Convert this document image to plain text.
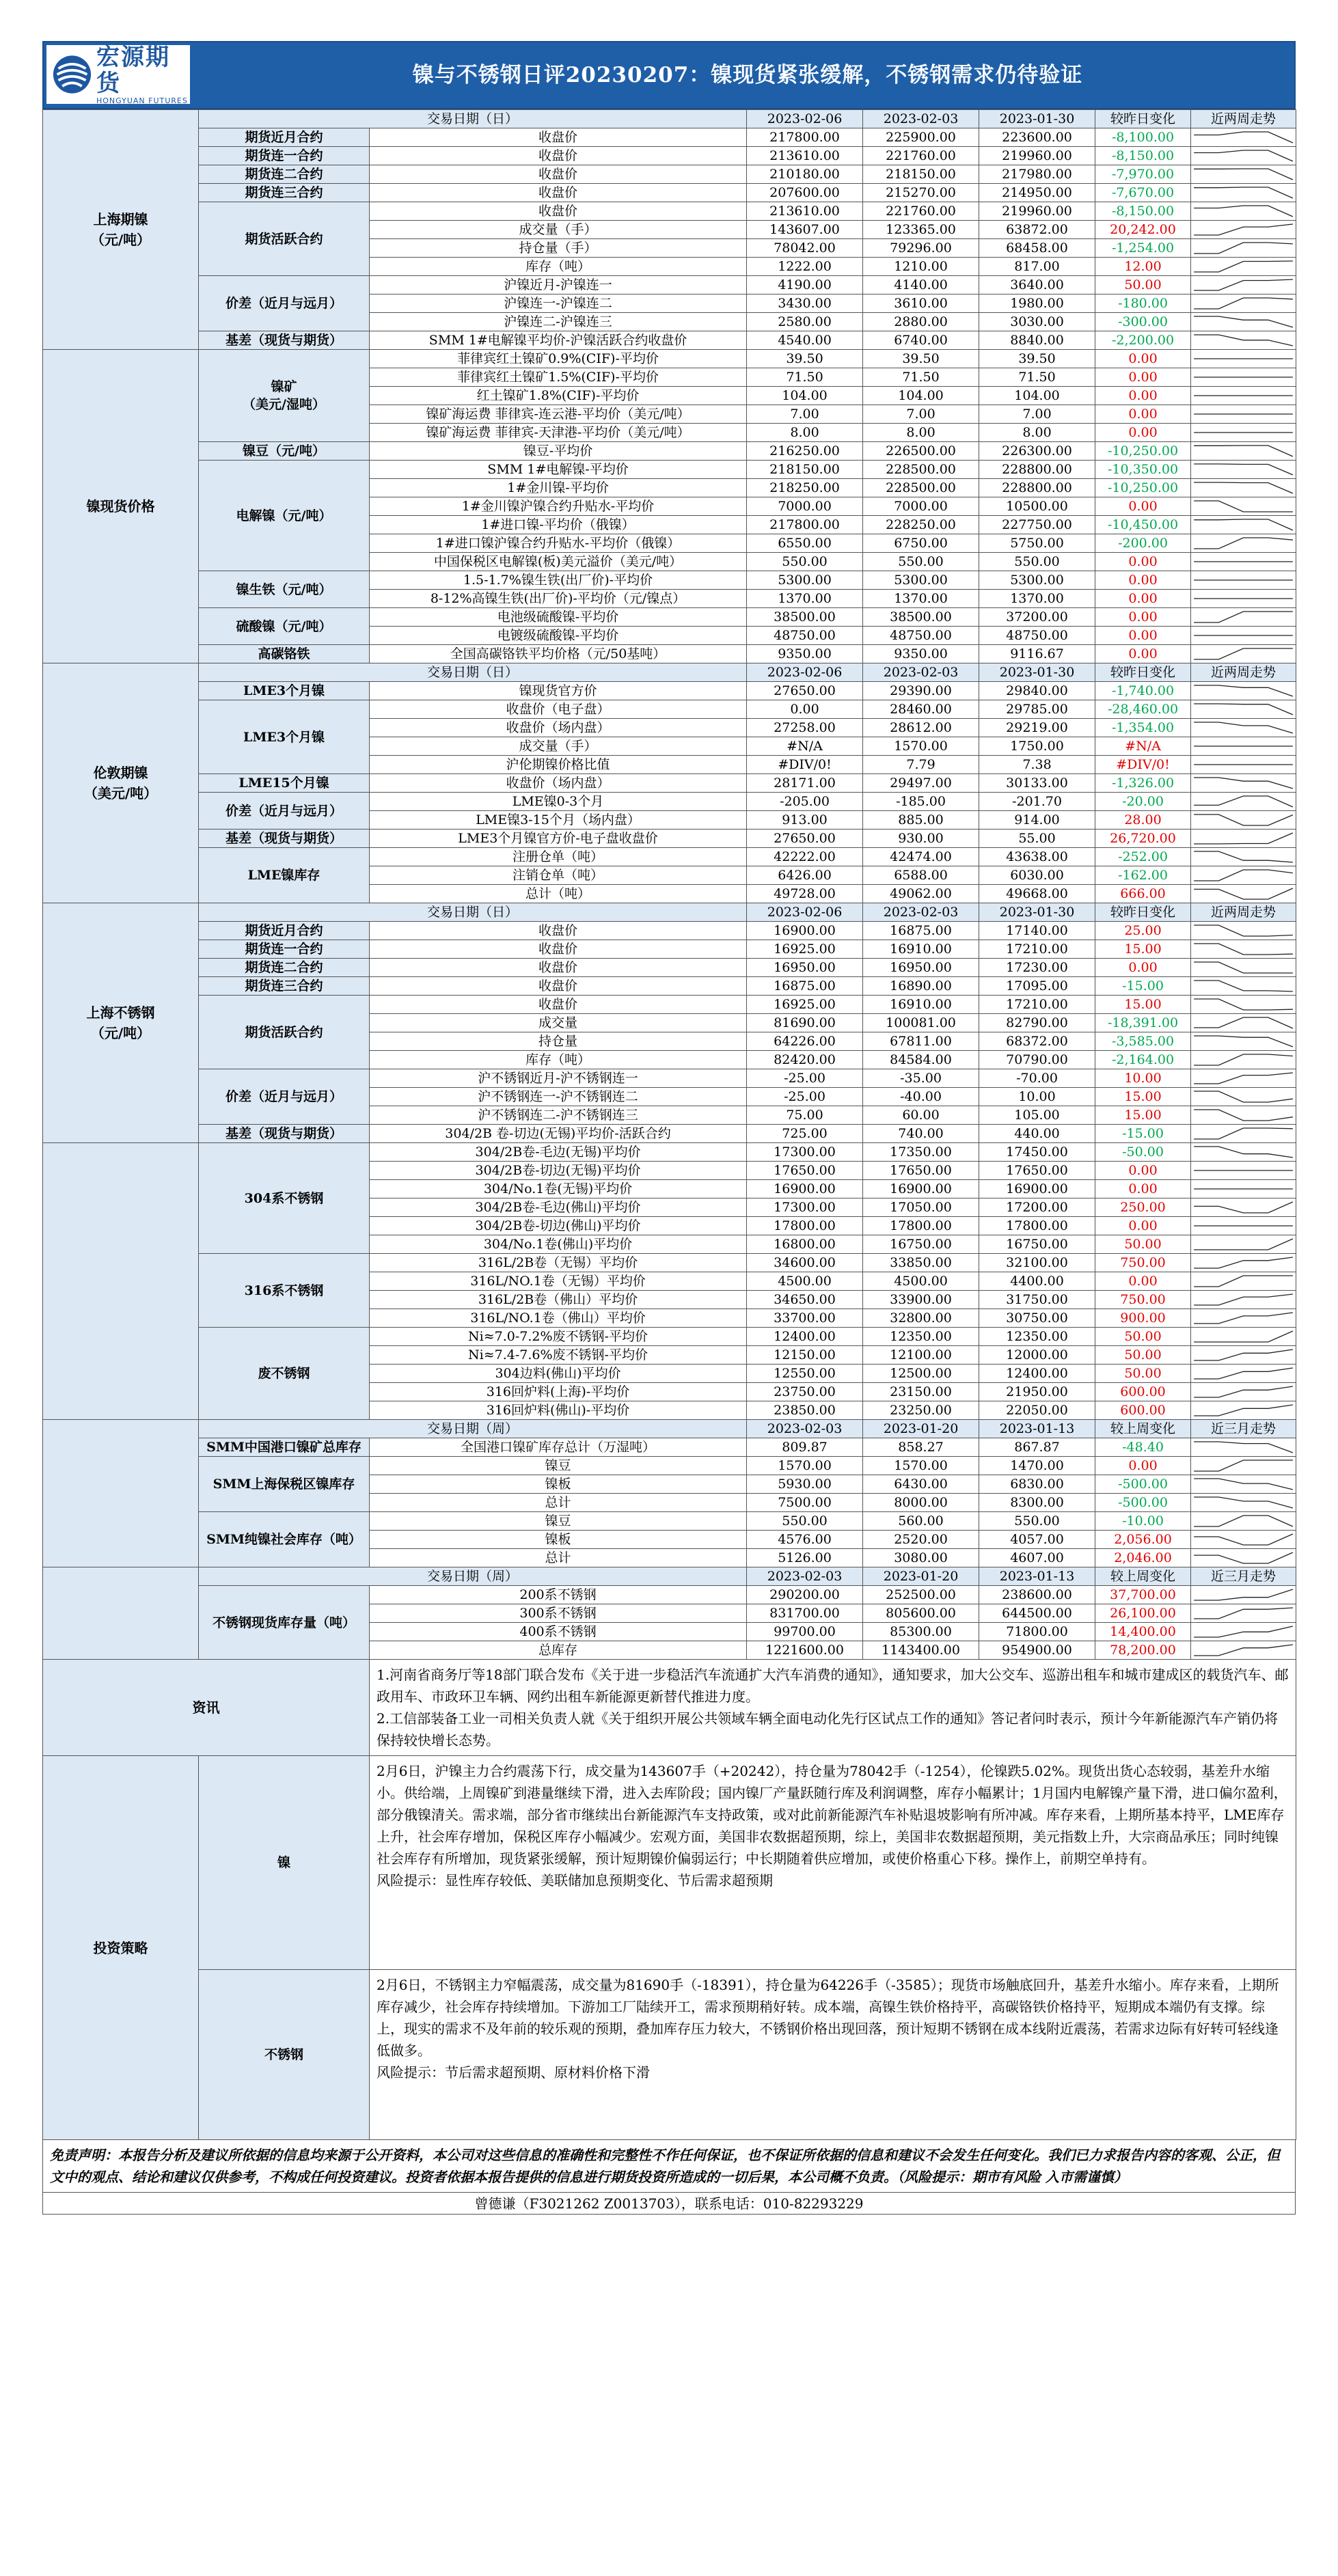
宏源期货
HONGYUAN FUTURES
镍与不锈钢日评20230207：镍现货紧张缓解，不锈钢需求仍待验证
上海期镍
（元/吨）	交易日期（日）		2023-02-06	2023-02-03	2023-01-30	较昨日变化	近两周走势
	期货近月合约	收盘价	217800.00	225900.00	223600.00	-8,100.00	

	期货连一合约	收盘价	213610.00	221760.00	219960.00	-8,150.00	

	期货连二合约	收盘价	210180.00	218150.00	217980.00	-7,970.00	

	期货连三合约	收盘价	207600.00	215270.00	214950.00	-7,670.00	

	期货活跃合约	收盘价	213610.00	221760.00	219960.00	-8,150.00	

		成交量（手）	143607.00	123365.00	63872.00	20,242.00	

		持仓量（手）	78042.00	79296.00	68458.00	-1,254.00	

		库存（吨）	1222.00	1210.00	817.00	12.00	

	价差（近月与远月）	沪镍近月-沪镍连一	4190.00	4140.00	3640.00	50.00	

		沪镍连一-沪镍连二	3430.00	3610.00	1980.00	-180.00	

		沪镍连二-沪镍连三	2580.00	2880.00	3030.00	-300.00	

	基差（现货与期货）	SMM 1#电解镍平均价-沪镍活跃合约收盘价	4540.00	6740.00	8840.00	-2,200.00	

镍现货价格	镍矿
（美元/湿吨）	菲律宾红土镍矿0.9%(CIF)-平均价	39.50	39.50	39.50	0.00	

		菲律宾红土镍矿1.5%(CIF)-平均价	71.50	71.50	71.50	0.00	

		红土镍矿1.8%(CIF)-平均价	104.00	104.00	104.00	0.00	

		镍矿海运费 菲律宾-连云港-平均价（美元/吨）	7.00	7.00	7.00	0.00	

		镍矿海运费 菲律宾-天津港-平均价（美元/吨）	8.00	8.00	8.00	0.00	

	镍豆（元/吨）	镍豆-平均价	216250.00	226500.00	226300.00	-10,250.00	

	电解镍（元/吨）	SMM 1#电解镍-平均价	218150.00	228500.00	228800.00	-10,350.00	

		1#金川镍-平均价	218250.00	228500.00	228800.00	-10,250.00	

		1#金川镍沪镍合约升贴水-平均价	7000.00	7000.00	10500.00	0.00	

		1#进口镍-平均价（俄镍）	217800.00	228250.00	227750.00	-10,450.00	

		1#进口镍沪镍合约升贴水-平均价（俄镍）	6550.00	6750.00	5750.00	-200.00	

		中国保税区电解镍(板)美元溢价（美元/吨）	550.00	550.00	550.00	0.00	

	镍生铁（元/吨）	1.5-1.7%镍生铁(出厂价)-平均价	5300.00	5300.00	5300.00	0.00	

		8-12%高镍生铁(出厂价)-平均价（元/镍点）	1370.00	1370.00	1370.00	0.00	

	硫酸镍（元/吨）	电池级硫酸镍-平均价	38500.00	38500.00	37200.00	0.00	

		电镀级硫酸镍-平均价	48750.00	48750.00	48750.00	0.00	

	高碳铬铁	全国高碳铬铁平均价格（元/50基吨）	9350.00	9350.00	9116.67	0.00	

伦敦期镍
（美元/吨）	交易日期（日）		2023-02-06	2023-02-03	2023-01-30	较昨日变化	近两周走势
	LME3个月镍	镍现货官方价	27650.00	29390.00	29840.00	-1,740.00	

	LME3个月镍	收盘价（电子盘）	0.00	28460.00	29785.00	-28,460.00	

		收盘价（场内盘）	27258.00	28612.00	29219.00	-1,354.00	

		成交量（手）	#N/A	1570.00	1750.00	#N/A	

		沪伦期镍价格比值	#DIV/0!	7.79	7.38	#DIV/0!	

	LME15个月镍	收盘价（场内盘）	28171.00	29497.00	30133.00	-1,326.00	

	价差（近月与远月）	LME镍0-3个月	-205.00	-185.00	-201.70	-20.00	

		LME镍3-15个月（场内盘）	913.00	885.00	914.00	28.00	

	基差（现货与期货）	LME3个月镍官方价-电子盘收盘价	27650.00	930.00	55.00	26,720.00	

	LME镍库存	注册仓单（吨）	42222.00	42474.00	43638.00	-252.00	

		注销仓单（吨）	6426.00	6588.00	6030.00	-162.00	

		总计（吨）	49728.00	49062.00	49668.00	666.00	

上海不锈钢
（元/吨）	交易日期（日）		2023-02-06	2023-02-03	2023-01-30	较昨日变化	近两周走势
	期货近月合约	收盘价	16900.00	16875.00	17140.00	25.00	

	期货连一合约	收盘价	16925.00	16910.00	17210.00	15.00	

	期货连二合约	收盘价	16950.00	16950.00	17230.00	0.00	

	期货连三合约	收盘价	16875.00	16890.00	17095.00	-15.00	

	期货活跃合约	收盘价	16925.00	16910.00	17210.00	15.00	

		成交量	81690.00	100081.00	82790.00	-18,391.00	

		持仓量	64226.00	67811.00	68372.00	-3,585.00	

		库存（吨）	82420.00	84584.00	70790.00	-2,164.00	

	价差（近月与远月）	沪不锈钢近月-沪不锈钢连一	-25.00	-35.00	-70.00	10.00	

		沪不锈钢连一-沪不锈钢连二	-25.00	-40.00	10.00	15.00	

		沪不锈钢连二-沪不锈钢连三	75.00	60.00	105.00	15.00	

	基差（现货与期货）	304/2B 卷-切边(无锡)平均价-活跃合约	725.00	740.00	440.00	-15.00	

	304系不锈钢	304/2B卷-毛边(无锡)平均价	17300.00	17350.00	17450.00	-50.00	

		304/2B卷-切边(无锡)平均价	17650.00	17650.00	17650.00	0.00	

		304/No.1卷(无锡)平均价	16900.00	16900.00	16900.00	0.00	

		304/2B卷-毛边(佛山)平均价	17300.00	17050.00	17200.00	250.00	

		304/2B卷-切边(佛山)平均价	17800.00	17800.00	17800.00	0.00	

		304/No.1卷(佛山)平均价	16800.00	16750.00	16750.00	50.00	

	316系不锈钢	316L/2B卷（无锡）平均价	34600.00	33850.00	32100.00	750.00	

		316L/NO.1卷（无锡）平均价	4500.00	4500.00	4400.00	0.00	

		316L/2B卷（佛山）平均价	34650.00	33900.00	31750.00	750.00	

		316L/NO.1卷（佛山）平均价	33700.00	32800.00	30750.00	900.00	

	废不锈钢	Ni≈7.0-7.2%废不锈钢-平均价	12400.00	12350.00	12350.00	50.00	

		Ni≈7.4-7.6%废不锈钢-平均价	12150.00	12100.00	12000.00	50.00	

		304边料(佛山)平均价	12550.00	12500.00	12400.00	50.00	

		316回炉料(上海)-平均价	23750.00	23150.00	21950.00	600.00	

		316回炉料(佛山)-平均价	23850.00	23250.00	22050.00	600.00	

	交易日期（周）		2023-02-03	2023-01-20	2023-01-13	较上周变化	近三月走势
	SMM中国港口镍矿总库存	全国港口镍矿库存总计（万湿吨）	809.87	858.27	867.87	-48.40	

	SMM上海保税区镍库存	镍豆	1570.00	1570.00	1470.00	0.00	

		镍板	5930.00	6430.00	6830.00	-500.00	

		总计	7500.00	8000.00	8300.00	-500.00	

	SMM纯镍社会库存（吨）	镍豆	550.00	560.00	550.00	-10.00	

		镍板	4576.00	2520.00	4057.00	2,056.00	

		总计	5126.00	3080.00	4607.00	2,046.00	

	交易日期（周）		2023-02-03	2023-01-20	2023-01-13	较上周变化	近三月走势
	不锈钢现货库存量（吨）	200系不锈钢	290200.00	252500.00	238600.00	37,700.00	

		300系不锈钢	831700.00	805600.00	644500.00	26,100.00	

		400系不锈钢	99700.00	85300.00	71800.00	14,400.00	

		总库存	1221600.00	1143400.00	954900.00	78,200.00	

资讯		1.河南省商务厅等18部门联合发布《关于进一步稳活汽车流通扩大汽车消费的通知》，通知要求，加大公交车、巡游出租车和城市建成区的载货汽车、邮政用车、市政环卫车辆、网约出租车新能源更新替代推进力度。
2.工信部装备工业一司相关负责人就《关于组织开展公共领域车辆全面电动化先行区试点工作的通知》答记者问时表示，预计今年新能源汽车产销仍将保持较快增长态势。					
投资策略	镍	2月6日，沪镍主力合约震荡下行，成交量为143607手（+20242），持仓量为78042手（-1254），伦镍跌5.02%。现货出货心态较弱，基差升水缩小。供给端，上周镍矿到港量继续下滑，进入去库阶段；国内镍厂产量跃随行库及利润调整，库存小幅累计；1月国内电解镍产量下滑，进口偏尔盈利，部分俄镍清关。需求端，部分省市继续出台新能源汽车支持政策，或对此前新能源汽车补贴退坡影响有所冲减。库存来看，上期所基本持平，LME库存上升，社会库存增加，保税区库存小幅减少。宏观方面，美国非农数据超预期，综上，美国非农数据超预期，美元指数上升，大宗商品承压；同时纯镍社会库存有所增加，现货紧张缓解，预计短期镍价偏弱运行；中长期随着供应增加，或使价格重心下移。操作上，前期空单持有。
风险提示：显性库存较低、美联储加息预期变化、节后需求超预期					
	不锈钢	2月6日，不锈钢主力窄幅震荡，成交量为81690手（-18391），持仓量为64226手（-3585）；现货市场触底回升，基差升水缩小。库存来看，上期所库存减少，社会库存持续增加。下游加工厂陆续开工，需求预期稍好转。成本端，高镍生铁价格持平，高碳铬铁价格持平，短期成本端仍有支撑。综上，现实的需求不及年前的较乐观的预期，叠加库存压力较大，不锈钢价格出现回落，预计短期不锈钢在成本线附近震荡，若需求边际有好转可轻线逢低做多。
风险提示：节后需求超预期、原材料价格下滑					

免责声明：本报告分析及建议所依据的信息均来源于公开资料，本公司对这些信息的准确性和完整性不作任何保证，也不保证所依据的信息和建议不会发生任何变化。我们已力求报告内容的客观、公正，但文中的观点、结论和建议仅供参考，不构成任何投资建议。投资者依据本报告提供的信息进行期货投资所造成的一切后果，本公司概不负责。（风险提示：期市有风险 入市需谨慎）

曾德谦（F3021262 Z0013703），联系电话：010-82293229
